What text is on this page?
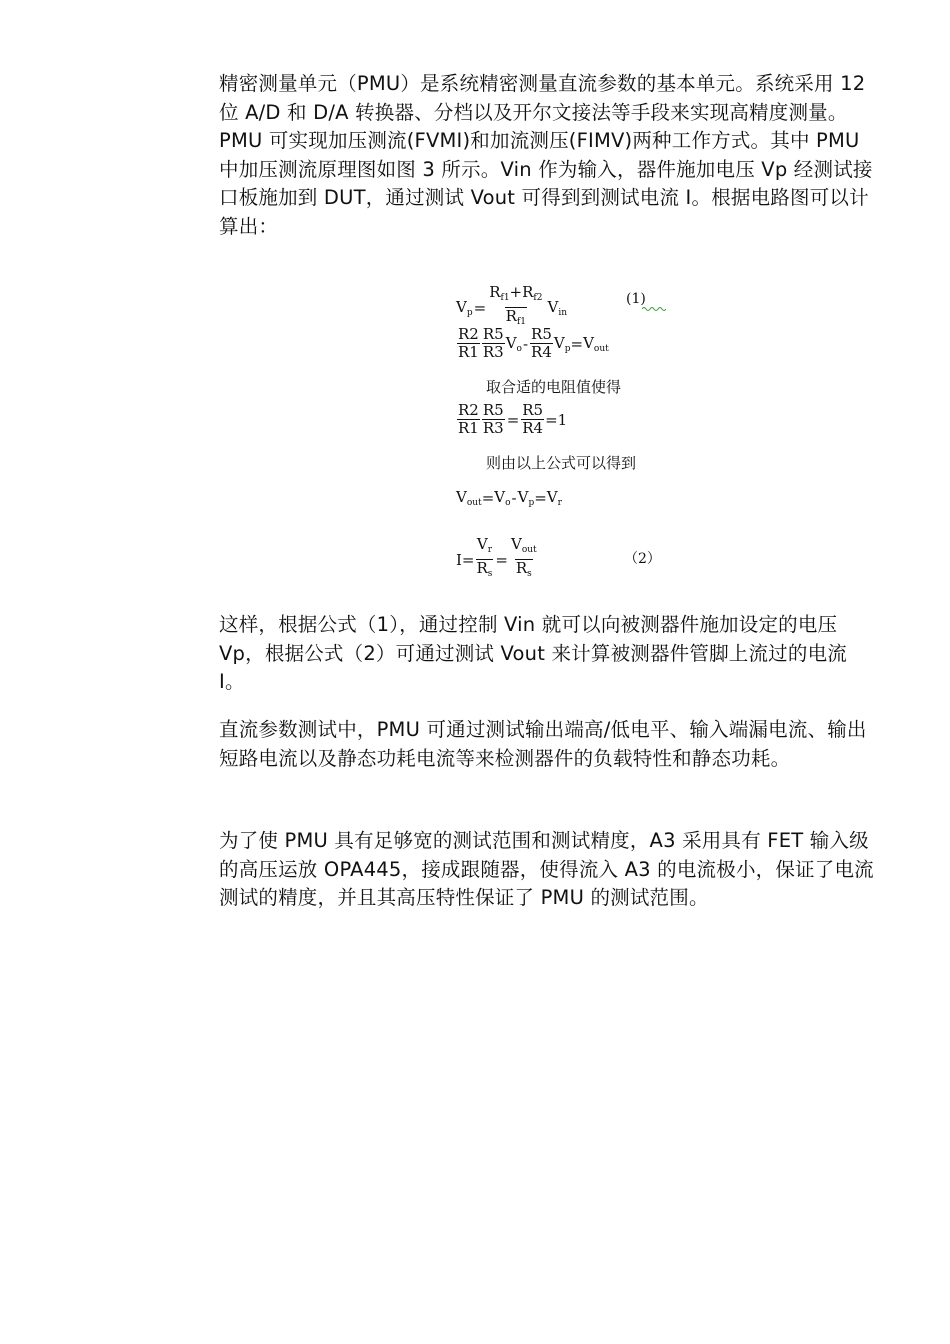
精密测量单元（PMU）是系统精密测量直流参数的基本单元。系统采用 12 位 A/D 和 D/A 转换器、分档以及开尔文接法等手段来实现高精度测量。PMU 可实现加压测流(FVMI)和加流测压(FIMV)两种工作方式。其中 PMU 中加压测流原理图如图 3 所示。Vin 作为输入，器件施加电压 Vp 经测试接口板施加到 DUT，通过测试 Vout 可得到到测试电流 I。根据电路图可以计算出：

$V_p = \frac{R_{f1}+R_{f2}}{R_{f1}} V_{in}$
(1)
$\frac{R2}{R1} \frac{R5}{R3} V_o - \frac{R5}{R4} V_p = V_{out}$
取合适的电阻值使得
$\frac{R2}{R1} \frac{R5}{R3} = \frac{R5}{R4} =1$
则由以上公式可以得到
$V_{out} = V_o - V_p = V_r$
$I= \frac{V_r}{R_s} = \frac{V_{out}}{R_s}$	（2）

这样，根据公式（1），通过控制 Vin 就可以向被测器件施加设定的电压 Vp，根据公式（2）可通过测试 Vout 来计算被测器件管脚上流过的电流 I。

直流参数测试中，PMU 可通过测试输出端高/低电平、输入端漏电流、输出短路电流以及静态功耗电流等来检测器件的负载特性和静态功耗。

为了使 PMU 具有足够宽的测试范围和测试精度，A3 采用具有 FET 输入级的高压运放 OPA445，接成跟随器，使得流入 A3 的电流极小，保证了电流测试的精度，并且其高压特性保证了 PMU 的测试范围。
